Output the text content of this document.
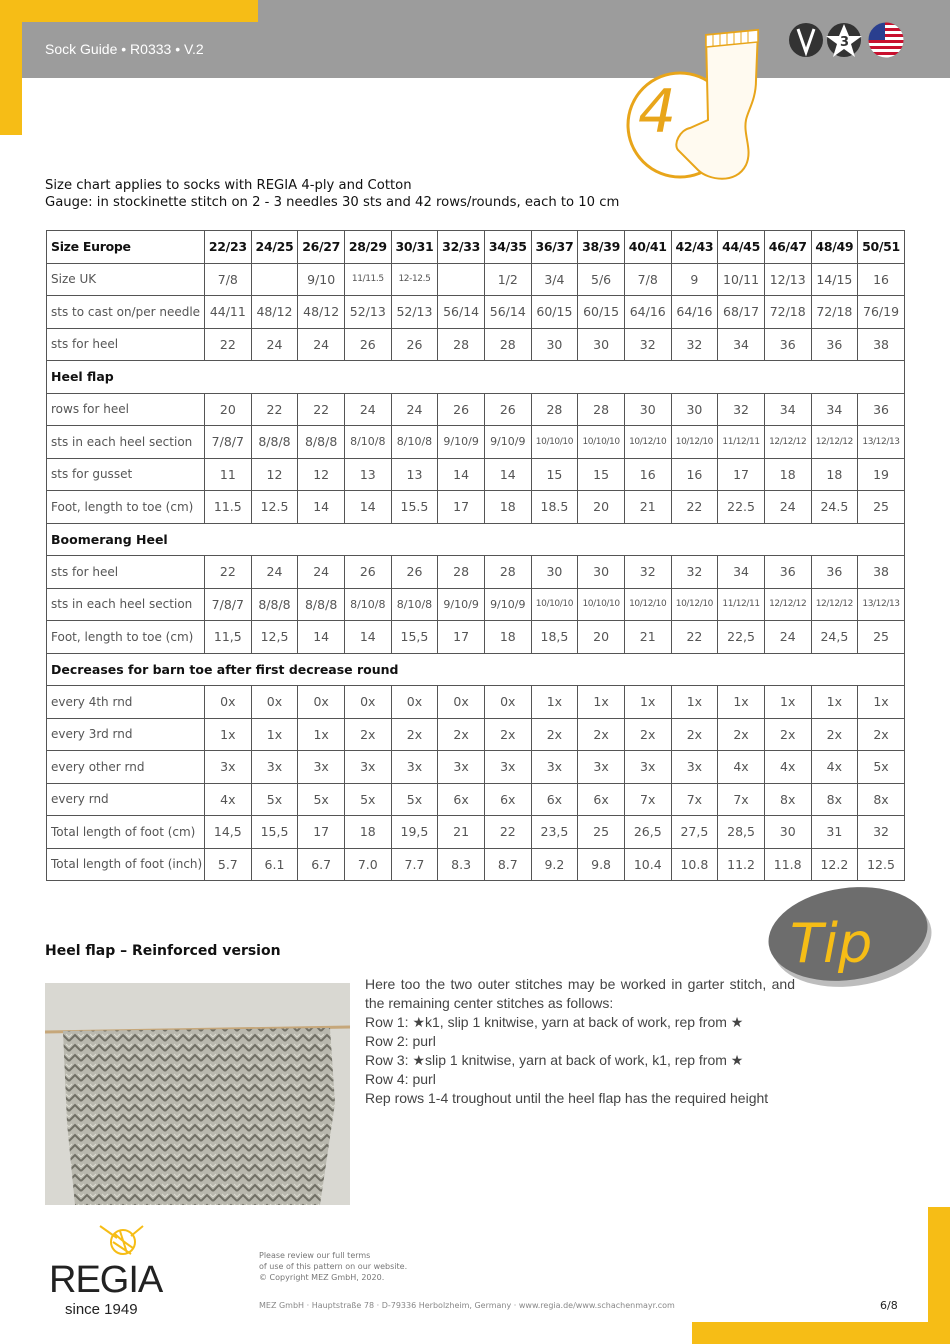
Sock Guide • R0333 • V.2
4
3
Size chart applies to socks with REGIA 4-ply and Cotton
Gauge: in stockinette stitch on 2 - 3 needles 30 sts and 42 rows/rounds, each to 10 cm
Size Europe	22/23	24/25	26/27	28/29	30/31	32/33	34/35	36/37	38/39	40/41	42/43	44/45	46/47	48/49	50/51
Size UK	7/8		9/10	11/11.5	12-12.5		1/2	3/4	5/6	7/8	9	10/11	12/13	14/15	16
sts to cast on/per needle	44/11	48/12	48/12	52/13	52/13	56/14	56/14	60/15	60/15	64/16	64/16	68/17	72/18	72/18	76/19
sts for heel	22	24	24	26	26	28	28	30	30	32	32	34	36	36	38
Heel flap															
rows for heel	20	22	22	24	24	26	26	28	28	30	30	32	34	34	36
sts in each heel section	7/8/7	8/8/8	8/8/8	8/10/8	8/10/8	9/10/9	9/10/9	10/10/10	10/10/10	10/12/10	10/12/10	11/12/11	12/12/12	12/12/12	13/12/13
sts for gusset	11	12	12	13	13	14	14	15	15	16	16	17	18	18	19
Foot, length to toe (cm)	11.5	12.5	14	14	15.5	17	18	18.5	20	21	22	22.5	24	24.5	25
Boomerang Heel															
sts for heel	22	24	24	26	26	28	28	30	30	32	32	34	36	36	38
sts in each heel section	7/8/7	8/8/8	8/8/8	8/10/8	8/10/8	9/10/9	9/10/9	10/10/10	10/10/10	10/12/10	10/12/10	11/12/11	12/12/12	12/12/12	13/12/13
Foot, length to toe (cm)	11,5	12,5	14	14	15,5	17	18	18,5	20	21	22	22,5	24	24,5	25
Decreases for barn toe after first decrease round															
every 4th rnd	0x	0x	0x	0x	0x	0x	0x	1x	1x	1x	1x	1x	1x	1x	1x
every 3rd rnd	1x	1x	1x	2x	2x	2x	2x	2x	2x	2x	2x	2x	2x	2x	2x
every other rnd	3x	3x	3x	3x	3x	3x	3x	3x	3x	3x	3x	4x	4x	4x	5x
every rnd	4x	5x	5x	5x	5x	6x	6x	6x	6x	7x	7x	7x	8x	8x	8x
Total length of foot (cm)	14,5	15,5	17	18	19,5	21	22	23,5	25	26,5	27,5	28,5	30	31	32
Total length of foot (inch)	5.7	6.1	6.7	7.0	7.7	8.3	8.7	9.2	9.8	10.4	10.8	11.2	11.8	12.2	12.5
Tip
Heel flap – Reinforced version

Here too the two outer stitches may be worked in garter stitch, and the remaining center stitches as follows:

Row 1: ★k1, slip 1 knitwise, yarn at back of work, rep from ★

Row 2: purl

Row 3: ★slip 1 knitwise, yarn at back of work, k1, rep from ★

Row 4: purl

Rep rows 1-4 troughout until the heel flap has the required height

REGIA
since 1949
Please review our full terms
of use of this pattern on our website.
© Copyright MEZ GmbH, 2020.
MEZ GmbH · Hauptstraße 78 · D-79336 Herbolzheim, Germany · www.regia.de/www.schachenmayr.com	6/8
